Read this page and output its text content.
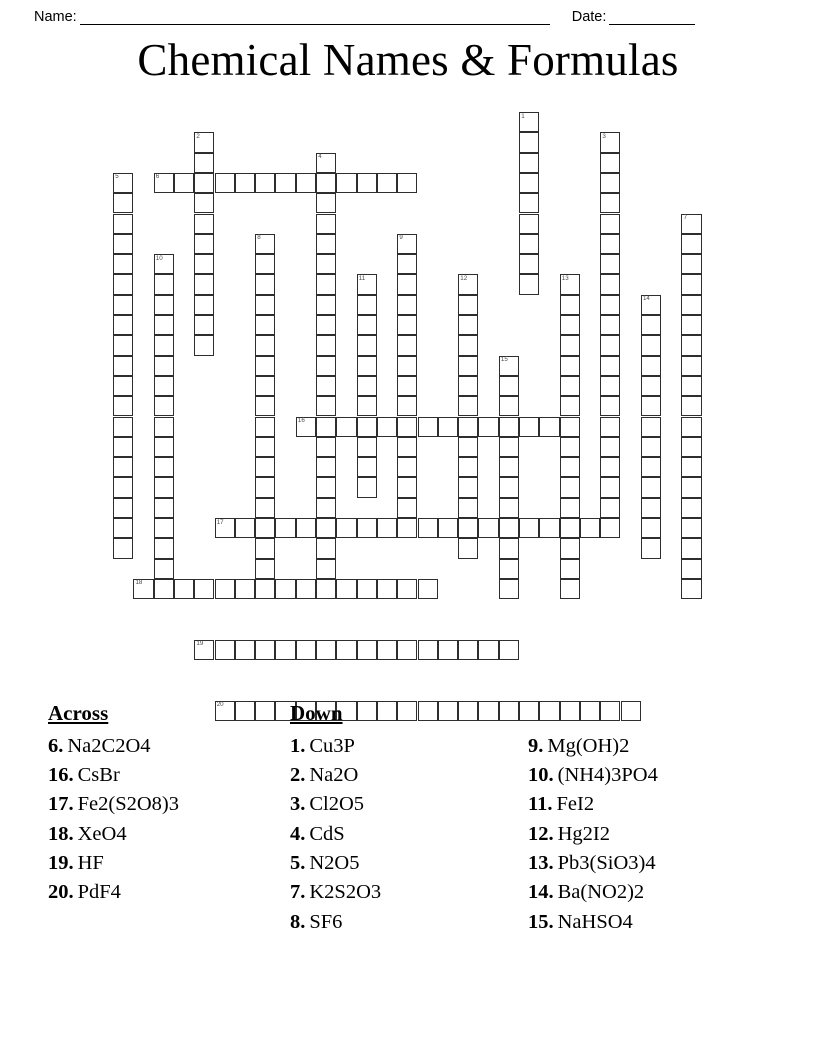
Name:	Date:
Chemical Names & Formulas
1
2	3
4
5	6
7
8	9
10
11	12	13
14
15
16
17
18
19
20
Across
6. Na2C2O4
16. CsBr
17. Fe2(S2O8)3
18. XeO4
19. HF
20. PdF4
Down
1. Cu3P
2. Na2O
3. Cl2O5
4. CdS
5. N2O5
7. K2S2O3
8. SF6
9. Mg(OH)2
10. (NH4)3PO4
11. FeI2
12. Hg2I2
13. Pb3(SiO3)4
14. Ba(NO2)2
15. NaHSO4
